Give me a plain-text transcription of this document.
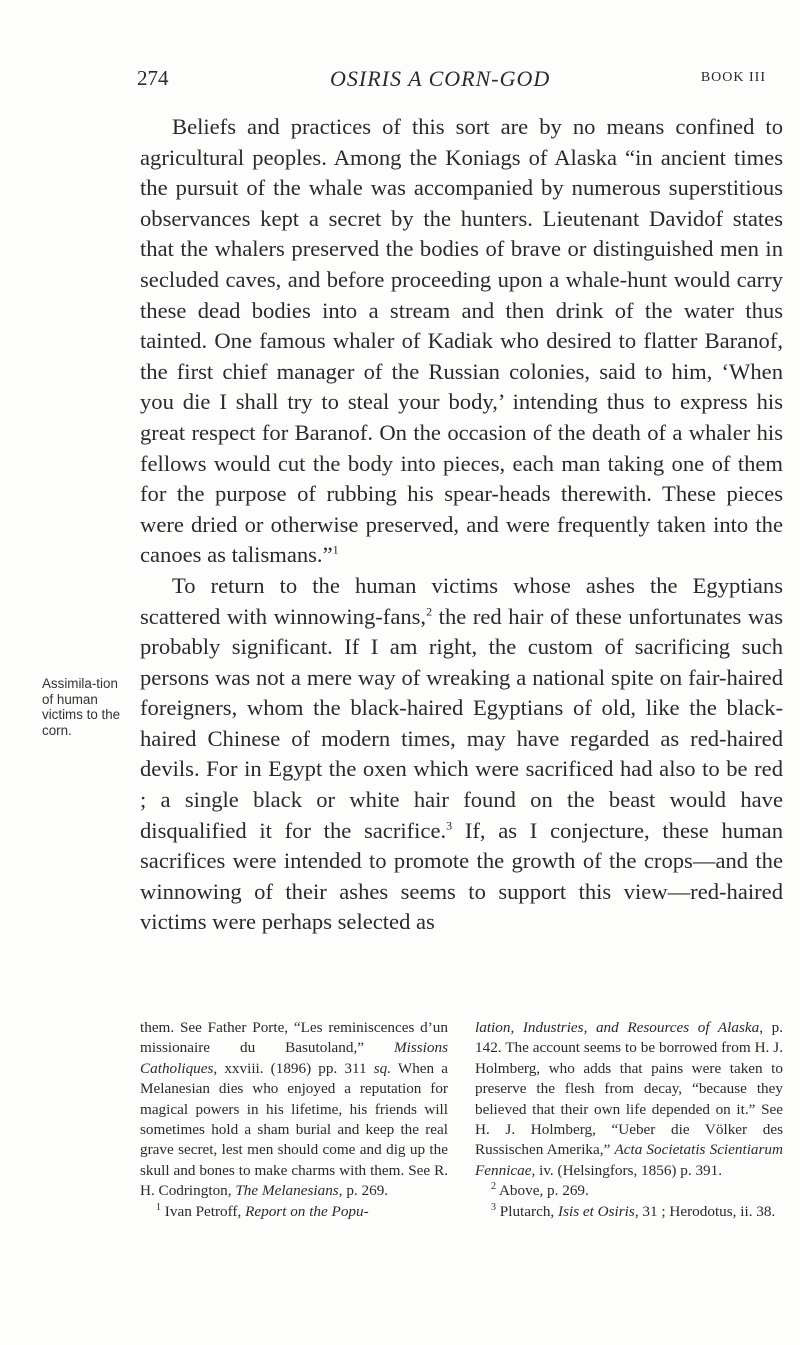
274	OSIRIS A CORN-GOD	BOOK III
Assimila-tion of human victims to the corn.

Beliefs and practices of this sort are by no means confined to agricultural peoples. Among the Koniags of Alaska “in ancient times the pursuit of the whale was accompanied by numerous superstitious observances kept a secret by the hunters. Lieutenant Davidof states that the whalers preserved the bodies of brave or distinguished men in secluded caves, and before proceeding upon a whale-hunt would carry these dead bodies into a stream and then drink of the water thus tainted. One famous whaler of Kadiak who desired to flatter Baranof, the first chief manager of the Russian colonies, said to him, ‘When you die I shall try to steal your body,’ intending thus to express his great respect for Baranof. On the occasion of the death of a whaler his fellows would cut the body into pieces, each man taking one of them for the purpose of rubbing his spear-heads therewith. These pieces were dried or otherwise preserved, and were frequently taken into the canoes as talismans.”$^1$

To return to the human victims whose ashes the Egyptians scattered with winnowing-fans,$^2$ the red hair of these unfortunates was probably significant. If I am right, the custom of sacrificing such persons was not a mere way of wreaking a national spite on fair-haired foreigners, whom the black-haired Egyptians of old, like the black-haired Chinese of modern times, may have regarded as red-haired devils. For in Egypt the oxen which were sacrificed had also to be red ; a single black or white hair found on the beast would have disqualified it for the sacrifice.$^3$ If, as I conjecture, these human sacrifices were intended to promote the growth of the crops—and the winnowing of their ashes seems to support this view—red-haired victims were perhaps selected as

them. See Father Porte, “Les reminiscences d’un missionaire du Basutoland,” Missions Catholiques, xxviii. (1896) pp. 311 sq. When a Melanesian dies who enjoyed a reputation for magical powers in his lifetime, his friends will sometimes hold a sham burial and keep the real grave secret, lest men should come and dig up the skull and bones to make charms with them. See R. H. Codrington, The Melanesians, p. 269.

$^1$ Ivan Petroff, Report on the Popu-

lation, Industries, and Resources of Alaska, p. 142. The account seems to be borrowed from H. J. Holmberg, who adds that pains were taken to preserve the flesh from decay, “because they believed that their own life depended on it.” See H. J. Holmberg, “Ueber die Völker des Russischen Amerika,” Acta Societatis Scientiarum Fennicae, iv. (Helsingfors, 1856) p. 391.

$^2$ Above, p. 269.

$^3$ Plutarch, Isis et Osiris, 31 ; Herodotus, ii. 38.
